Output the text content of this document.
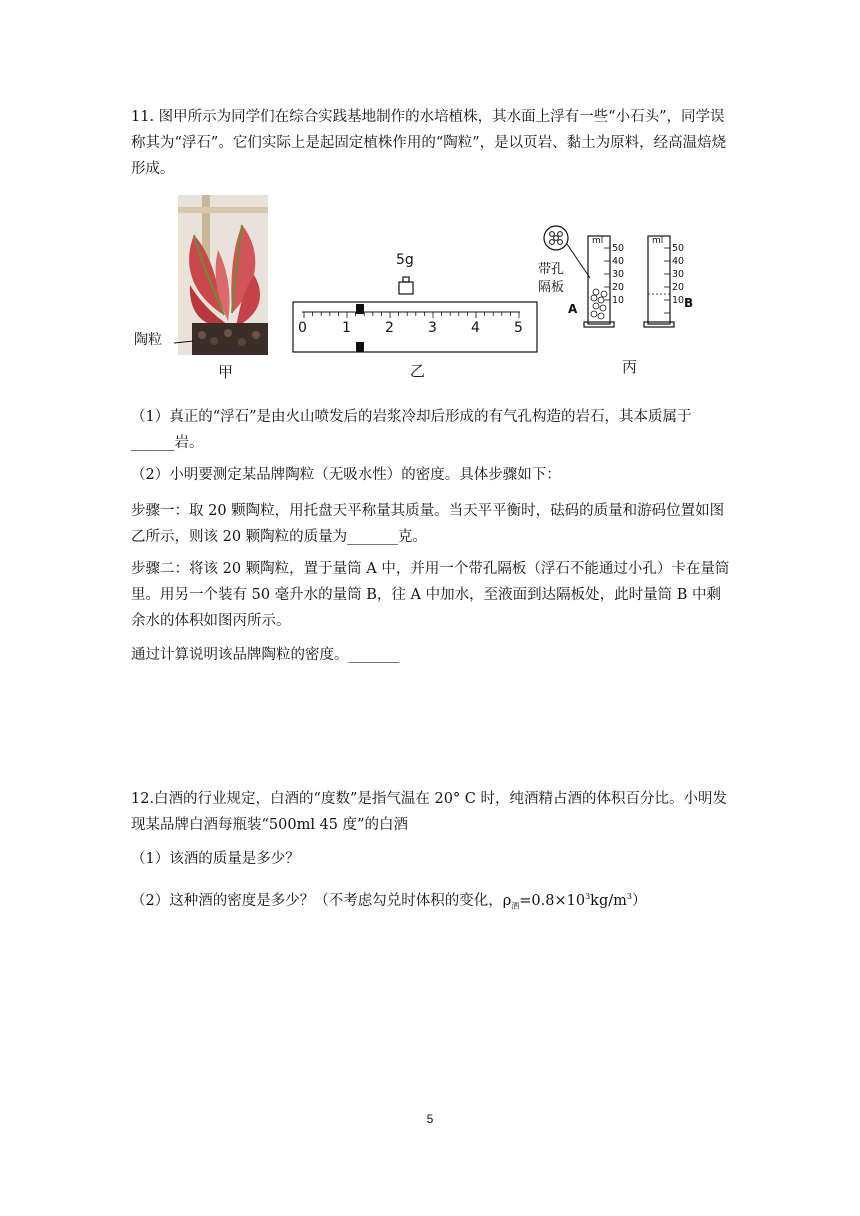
11. 图甲所示为同学们在综合实践基地制作的水培植株，其水面上浮有一些“小石头”，同学误称其为“浮石”。它们实际上是起固定植株作用的“陶粒”，是以页岩、黏土为原料，经高温焙烧形成。
陶粒
甲
5g
0	1 2 3 4 5
乙
带孔
隔板
A	B
ml	ml
50
40
30
20
10
50
40
30
20
10
丙
（1）真正的“浮石”是由火山喷发后的岩浆冷却后形成的有气孔构造的岩石，其本质属于______岩。
（2）小明要测定某品牌陶粒（无吸水性）的密度。具体步骤如下：
步骤一：取 20 颗陶粒，用托盘天平称量其质量。当天平平衡时，砝码的质量和游码位置如图乙所示，则该 20 颗陶粒的质量为_______克。
步骤二：将该 20 颗陶粒，置于量筒 A 中，并用一个带孔隔板（浮石不能通过小孔）卡在量筒里。用另一个装有 50 毫升水的量筒 B，往 A 中加水，至液面到达隔板处，此时量筒 B 中剩余水的体积如图丙所示。
通过计算说明该品牌陶粒的密度。_______
12.白酒的行业规定，白酒的“度数”是指气温在 20° C 时，纯酒精占酒的体积百分比。小明发现某品牌白酒每瓶装“500ml 45 度”的白酒
（1）该酒的质量是多少？
（2）这种酒的密度是多少？（不考虑勾兑时体积的变化，$\rho_酒=0.8\times 10^3kg/m^3$）
5
